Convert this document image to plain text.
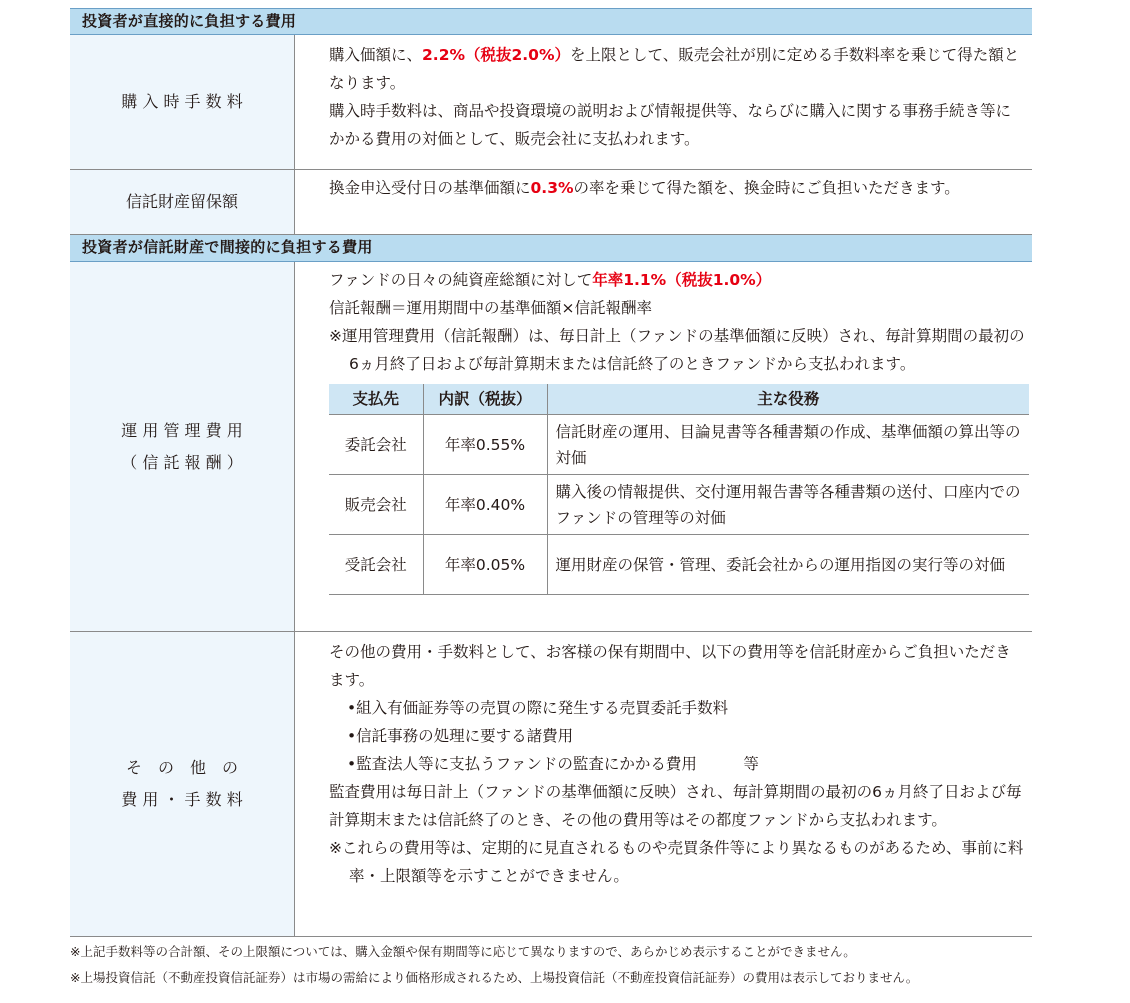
投資者が直接的に負担する費用
購 入 時 手 数 料

購入価額に、2.2%（税抜2.0%）を上限として、販売会社が別に定める手数料率を乗じて得た額となります。

購入時手数料は、商品や投資環境の説明および情報提供等、ならびに購入に関する事務手続き等にかかる費用の対価として、販売会社に支払われます。

信託財産留保額

換金申込受付日の基準価額に0.3%の率を乗じて得た額を、換金時にご負担いただきます。

投資者が信託財産で間接的に負担する費用
運 用 管 理 費 用
（ 信 託 報 酬 ）

ファンドの日々の純資産総額に対して年率1.1%（税抜1.0%）

信託報酬＝運用期間中の基準価額×信託報酬率

※運用管理費用（信託報酬）は、毎日計上（ファンドの基準価額に反映）され、毎計算期間の最初の6ヵ月終了日および毎計算期末または信託終了のときファンドから支払われます。

支払先	内訳（税抜）	主な役務
委託会社	年率0.55%	信託財産の運用、目論見書等各種書類の作成、基準価額の算出等の対価
販売会社	年率0.40%	購入後の情報提供、交付運用報告書等各種書類の送付、口座内でのファンドの管理等の対価
受託会社	年率0.05%	運用財産の保管・管理、委託会社からの運用指図の実行等の対価
そ　の　他　の
費 用 ・ 手 数 料

その他の費用・手数料として、お客様の保有期間中、以下の費用等を信託財産からご負担いただきます。

•組入有価証券等の売買の際に発生する売買委託手数料

•信託事務の処理に要する諸費用

•監査法人等に支払うファンドの監査にかかる費用　　　等

監査費用は毎日計上（ファンドの基準価額に反映）され、毎計算期間の最初の6ヵ月終了日および毎計算期末または信託終了のとき、その他の費用等はその都度ファンドから支払われます。

※これらの費用等は、定期的に見直されるものや売買条件等により異なるものがあるため、事前に料率・上限額等を示すことができません。

※上記手数料等の合計額、その上限額については、購入金額や保有期間等に応じて異なりますので、あらかじめ表示することができません。

※上場投資信託（不動産投資信託証券）は市場の需給により価格形成されるため、上場投資信託（不動産投資信託証券）の費用は表示しておりません。
